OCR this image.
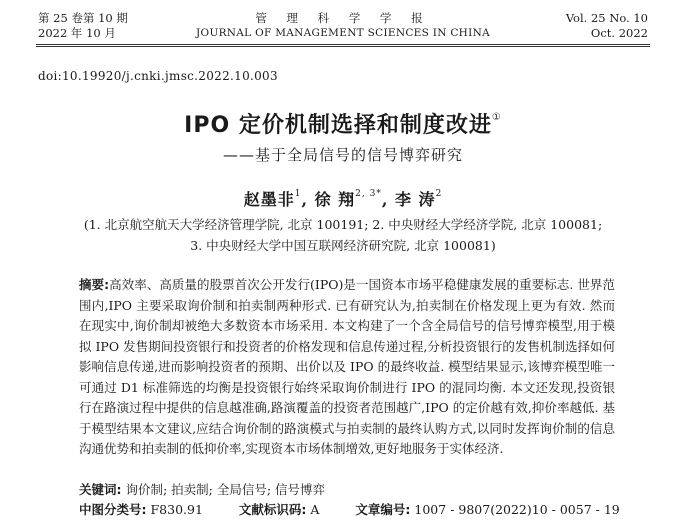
第 25 卷第 10 期
2022 年 10 月
管 理 科 学 学 报
JOURNAL OF MANAGEMENT SCIENCES IN CHINA
Vol. 25 No. 10
Oct. 2022
doi:10.19920/j.cnki.jmsc.2022.10.003
IPO 定价机制选择和制度改进①
——基于全局信号的信号博弈研究
赵墨非$^1$, 徐 翔$^{2, 3*}$, 李 涛$^2$
(1. 北京航空航天大学经济管理学院, 北京 100191; 2. 中央财经大学经济学院, 北京 100081;
3. 中央财经大学中国互联网经济研究院, 北京 100081)
摘要:高效率、高质量的股票首次公开发行(IPO)是一国资本市场平稳健康发展的重要标志. 世界范围内,IPO 主要采取询价制和拍卖制两种形式. 已有研究认为,拍卖制在价格发现上更为有效. 然而在现实中,询价制却被绝大多数资本市场采用. 本文构建了一个含全局信号的信号博弈模型,用于模拟 IPO 发售期间投资银行和投资者的价格发现和信息传递过程,分析投资银行的发售机制选择如何影响信息传递,进而影响投资者的预期、出价以及 IPO 的最终收益. 模型结果显示,该博弈模型唯一可通过 D1 标准筛选的均衡是投资银行始终采取询价制进行 IPO 的混同均衡. 本文还发现,投资银行在路演过程中提供的信息越准确,路演覆盖的投资者范围越广,IPO 的定价越有效,抑价率越低. 基于模型结果本文建议,应结合询价制的路演模式与拍卖制的最终认购方式,以同时发挥询价制的信息沟通优势和拍卖制的低抑价率,实现资本市场体制增效,更好地服务于实体经济.
关键词: 询价制; 拍卖制; 全局信号; 信号博弈
中图分类号: F830.91	文献标识码: A	文章编号: 1007 - 9807(2022)10 - 0057 - 19
